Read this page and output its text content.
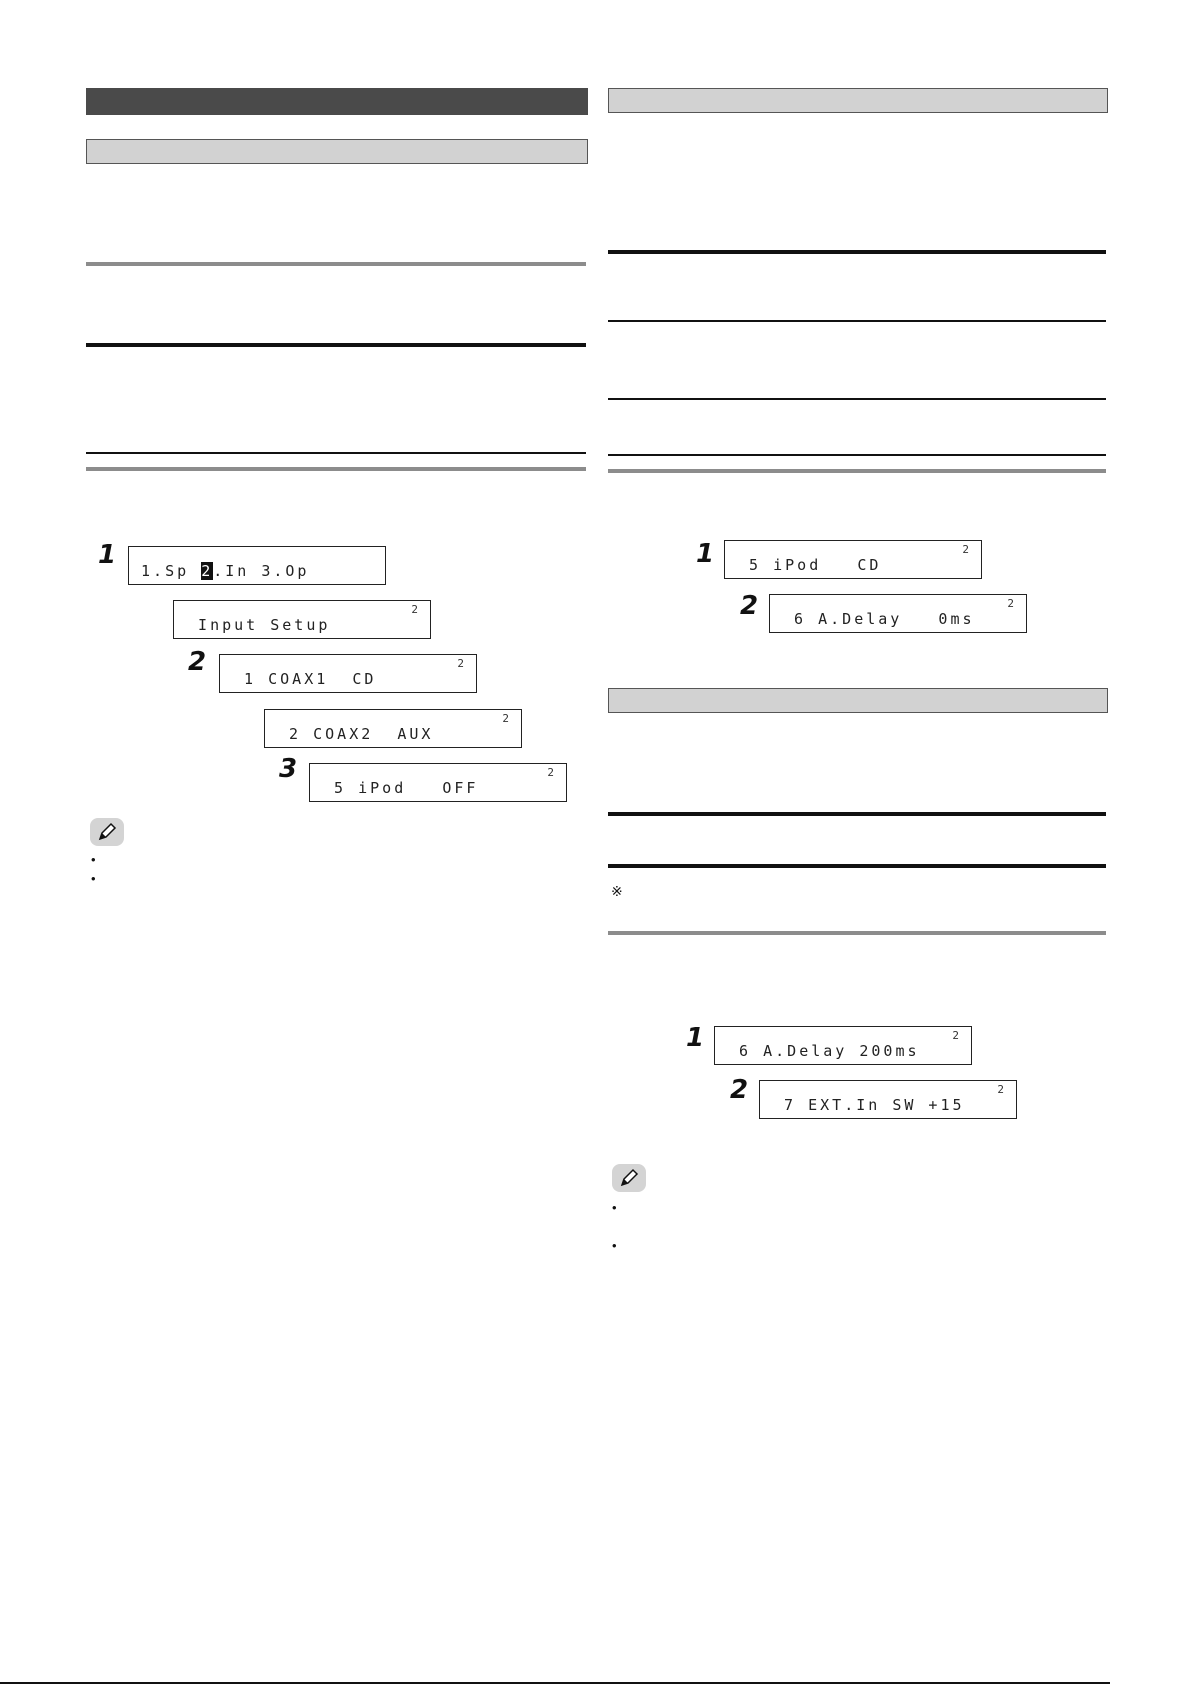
1
1.Sp 2.In 3.Op
Input Setup
2
2
1 COAX1  CD
2
2 COAX2  AUX
2
3
5 iPod   OFF
2
•
•
1 5 iPod   CD
2
2 6 A.Delay   0ms
2
※
1 6 A.Delay 200ms
2
2 7 EXT.In SW +15
2
•
•
